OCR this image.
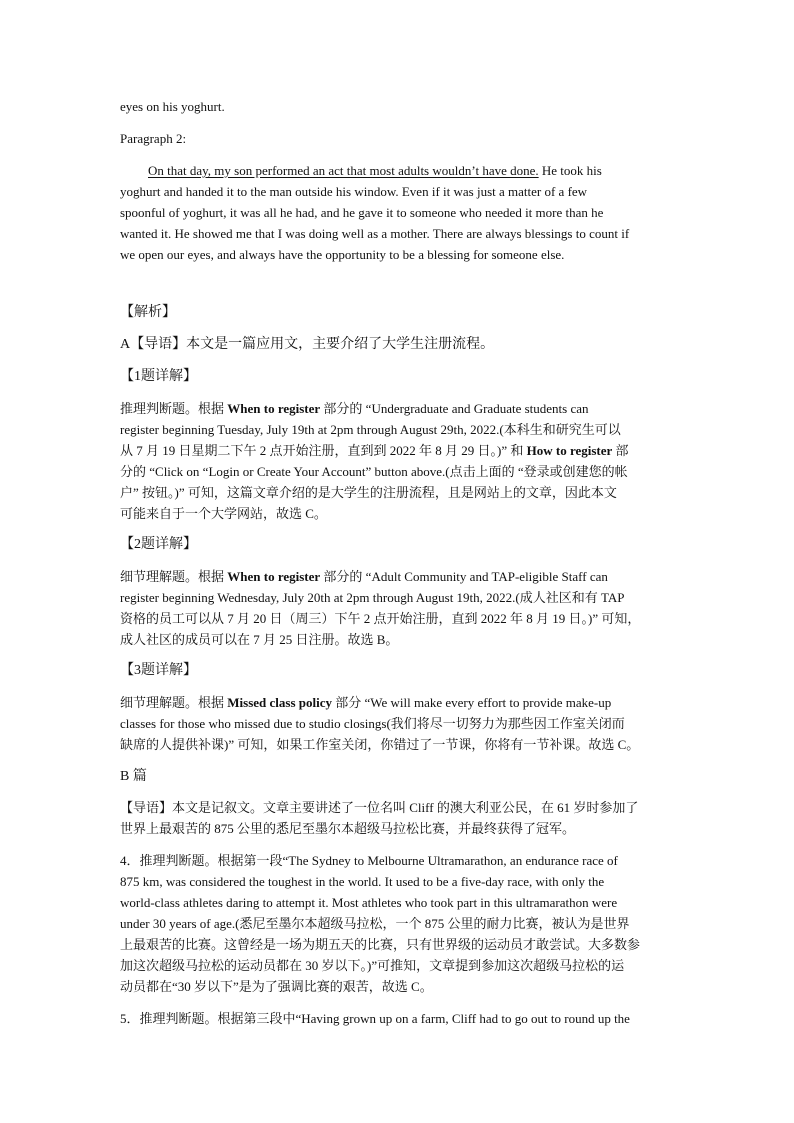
eyes on his yoghurt.
Paragraph 2:
On that day, my son performed an act that most adults wouldn’t have done. He took his
yoghurt and handed it to the man outside his window. Even if it was just a matter of a few
spoonful of yoghurt, it was all he had, and he gave it to someone who needed it more than he
wanted it. He showed me that I was doing well as a mother. There are always blessings to count if
we open our eyes, and always have the opportunity to be a blessing for someone else.
【解析】
A【导语】本文是一篇应用文，主要介绍了大学生注册流程。
【1题详解】
推理判断题。根据 When to register 部分的 “Undergraduate and Graduate students can
register beginning Tuesday, July 19th at 2pm through August 29th, 2022.(本科生和研究生可以
从 7 月 19 日星期二下午 2 点开始注册，直到到 2022 年 8 月 29 日。)” 和 How to register 部
分的 “Click on “Login or Create Your Account” button above.(点击上面的 “登录或创建您的帐
户” 按钮。)” 可知，这篇文章介绍的是大学生的注册流程，且是网站上的文章，因此本文
可能来自于一个大学网站，故选 C。
【2题详解】
细节理解题。根据 When to register 部分的 “Adult Community and TAP-eligible Staff can
register beginning Wednesday, July 20th at 2pm through August 19th, 2022.(成人社区和有 TAP
资格的员工可以从 7 月 20 日（周三）下午 2 点开始注册，直到 2022 年 8 月 19 日。)” 可知，
成人社区的成员可以在 7 月 25 日注册。故选 B。
【3题详解】
细节理解题。根据 Missed class policy 部分 “We will make every effort to provide make-up
classes for those who missed due to studio closings(我们将尽一切努力为那些因工作室关闭而
缺席的人提供补课)” 可知，如果工作室关闭，你错过了一节课，你将有一节补课。故选 C。
B 篇
【导语】本文是记叙文。文章主要讲述了一位名叫 Cliff 的澳大利亚公民，在 61 岁时参加了
世界上最艰苦的 875 公里的悉尼至墨尔本超级马拉松比赛，并最终获得了冠军。
4．推理判断题。根据第一段“The Sydney to Melbourne Ultramarathon, an endurance race of
875 km, was considered the toughest in the world. It used to be a five-day race, with only the
world-class athletes daring to attempt it. Most athletes who took part in this ultramarathon were
under 30 years of age.(悉尼至墨尔本超级马拉松，一个 875 公里的耐力比赛，被认为是世界
上最艰苦的比赛。这曾经是一场为期五天的比赛，只有世界级的运动员才敢尝试。大多数参
加这次超级马拉松的运动员都在 30 岁以下。)”可推知，文章提到参加这次超级马拉松的运
动员都在“30 岁以下”是为了强调比赛的艰苦，故选 C。
5．推理判断题。根据第三段中“Having grown up on a farm, Cliff had to go out to round up the
